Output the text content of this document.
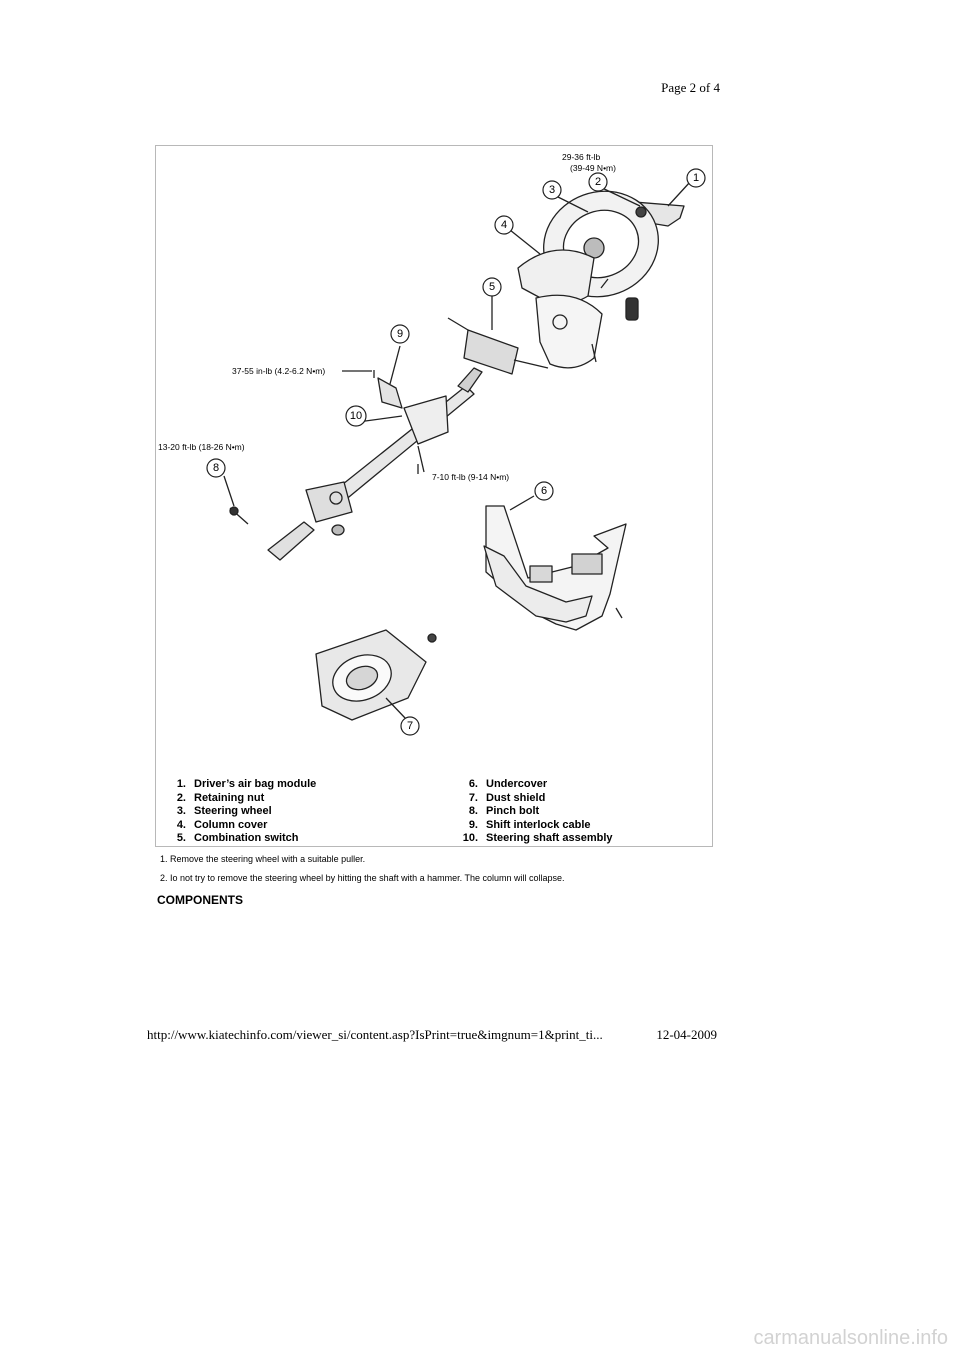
Page 2 of 4
1
2
3
4
5
6
7
8
9
10
29-36 ft-lb
(39-49 N•m)
37-55 in-lb (4.2-6.2 N•m)
13-20 ft-lb (18-26 N•m)
7-10 ft-lb (9-14 N•m)
1. Driver’s air bag module
2. Retaining nut
3. Steering wheel
4. Column cover
5. Combination switch
6. Undercover
7. Dust shield
8. Pinch bolt
9. Shift interlock cable
10. Steering shaft assembly
1. Remove the steering wheel with a suitable puller.
2. Io not try to remove the steering wheel by hitting the shaft with a hammer. The column will collapse.
COMPONENTS
http://www.kiatechinfo.com/viewer_si/content.asp?IsPrint=true&imgnum=1&print_ti...	12-04-2009
carmanualsonline.info
